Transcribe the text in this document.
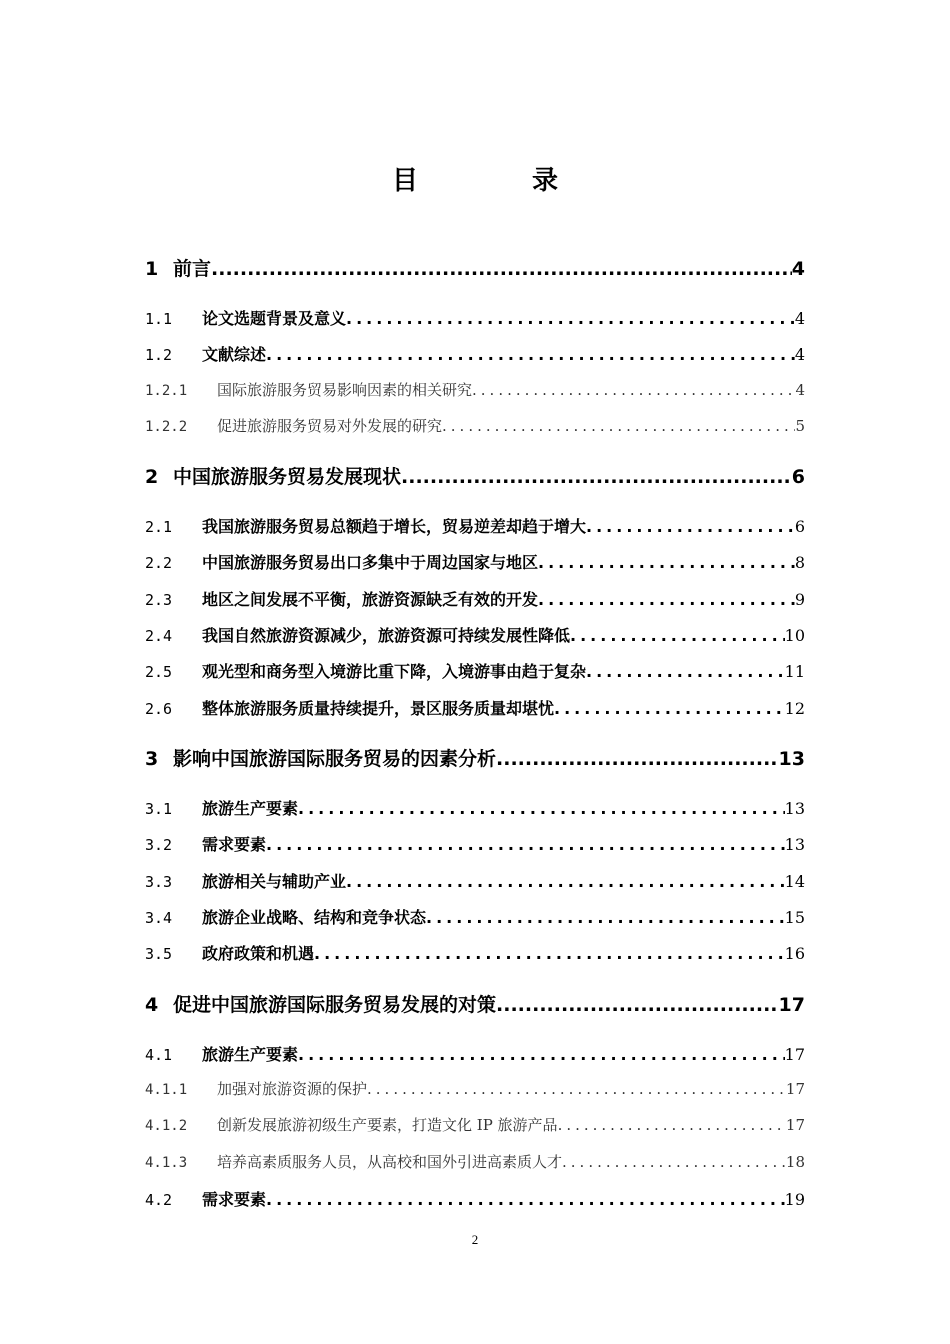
目　录
1 前言 .....	4
1.1	论文选题背景及意义 .....	4
1.2	文献综述 .....	4
1.2.1	国际旅游服务贸易影响因素的相关研究 .....	4
1.2.2	促进旅游服务贸易对外发展的研究 .....	5
2 中国旅游服务贸易发展现状 .....	6
2.1	我国旅游服务贸易总额趋于增长，贸易逆差却趋于增大 .....	6
2.2	中国旅游服务贸易出口多集中于周边国家与地区 .....	8
2.3	地区之间发展不平衡，旅游资源缺乏有效的开发 .....	9
2.4	我国自然旅游资源减少，旅游资源可持续发展性降低 .....	10
2.5	观光型和商务型入境游比重下降，入境游事由趋于复杂 .....	11
2.6	整体旅游服务质量持续提升，景区服务质量却堪忧 .....	12
3 影响中国旅游国际服务贸易的因素分析 .....	13
3.1	旅游生产要素 .....	13
3.2	需求要素 .....	13
3.3	旅游相关与辅助产业 .....	14
3.4	旅游企业战略、结构和竞争状态 .....	15
3.5	政府政策和机遇 .....	16
4 促进中国旅游国际服务贸易发展的对策 .....	17
4.1	旅游生产要素 .....	17
4.1.1	加强对旅游资源的保护 .....	17
4.1.2	创新发展旅游初级生产要素，打造文化 IP 旅游产品 .....	17
4.1.3	培养高素质服务人员，从高校和国外引进高素质人才 .....	18
4.2	需求要素 .....	19
2
